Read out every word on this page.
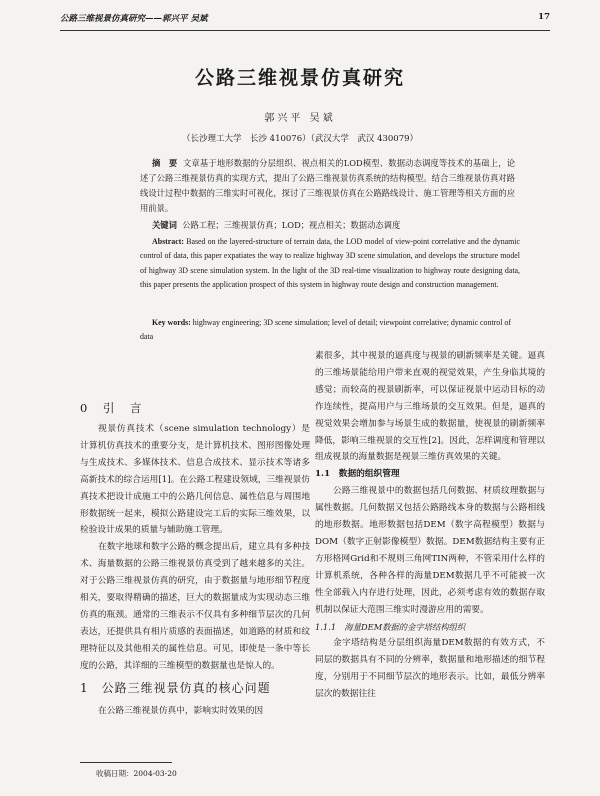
公路三维视景仿真研究——郭兴平 吴斌	17
公路三维视景仿真研究
郭兴平 吴斌
（长沙理工大学　长沙 410076）（武汉大学　武汉 430079）
摘　要 文章基于地形数据的分层组织、视点相关的LOD模型、数据动态调度等技术的基础上，论述了公路三维视景仿真的实现方式，提出了公路三维视景仿真系统的结构模型。结合三维视景仿真对路线设计过程中数据的三维实时可视化，探讨了三维视景仿真在公路路线设计、施工管理等相关方面的应用前景。
关键词 公路工程；三维视景仿真；LOD；视点相关；数据动态调度
Abstract: Based on the layered-structure of terrain data, the LOD model of view-point correlative and the dynamic control of data, this paper expatiates the way to realize highway 3D scene simulation, and develops the structure model of highway 3D scene simulation system. In the light of the 3D real-time visualization to highway route designing data, this paper presents the application prospect of this system in highway route design and construction management.
Key words: highway engineering; 3D scene simulation; level of detail; viewpoint correlative; dynamic control of data
0　引　言

视景仿真技术（scene simulation technology）是计算机仿真技术的重要分支，是计算机技术、图形图像处理与生成技术、多媒体技术、信息合成技术、显示技术等诸多高新技术的综合运用[1]。在公路工程建设领域，三维视景仿真技术把设计成施工中的公路几何信息、属性信息与周围地形数据统一起来，模拟公路建设完工后的实际三维效果，以检验设计成果的质量与辅助施工管理。

在数字地球和数字公路的概念提出后，建立具有多种技术、海量数据的公路三维视景仿真受到了越来越多的关注。对于公路三维视景仿真的研究，由于数据量与地形细节程度相关，要取得精确的描述，巨大的数据量成为实现动态三维仿真的瓶颈。通常的三维表示不仅具有多种细节层次的几何表达，还提供具有相片质感的表面描述，如道路的材质和纹理特征以及其他相关的属性信息。可见，即使是一条中等长度的公路，其详细的三维模型的数据量也是惊人的。

1　公路三维视景仿真的核心问题

在公路三维视景仿真中，影响实时效果的因

素很多，其中视景的逼真度与视景的刷新频率是关键。逼真的三维场景能给用户带来直观的视觉效果，产生身临其境的感觉；而较高的视景刷新率，可以保证视景中运动目标的动作连续性，提高用户与三维场景的交互效果。但是，逼真的视觉效果会增加参与场景生成的数据量，使视景的刷新频率降低，影响三维视景的交互性[2]。因此，怎样调度和管理以组成视景的海量数据是视景三维仿真效果的关键。

1.1　数据的组织管理

公路三维视景中的数据包括几何数据、材质纹理数据与属性数据。几何数据又包括公路路线本身的数据与公路相线的地形数据。地形数据包括DEM（数字高程模型）数据与DOM（数字正射影像模型）数据。DEM数据结构主要有正方形格网Grid和不规则三角网TIN两种，不管采用什么样的计算机系统，各种各样的海量DEM数据几乎不可能被一次性全部载入内存进行处理，因此，必须考虑有效的数据存取机制以保证大范围三维实时漫游应用的需要。

1.1.1　海量DEM数据的金字塔结构组织

金字塔结构是分层组织海量DEM数据的有效方式，不同层的数据具有不同的分辨率，数据量和地形描述的细节程度，分别用于不同细节层次的地形表示。比如，最低分辨率层次的数据往往

收稿日期：2004-03-20
